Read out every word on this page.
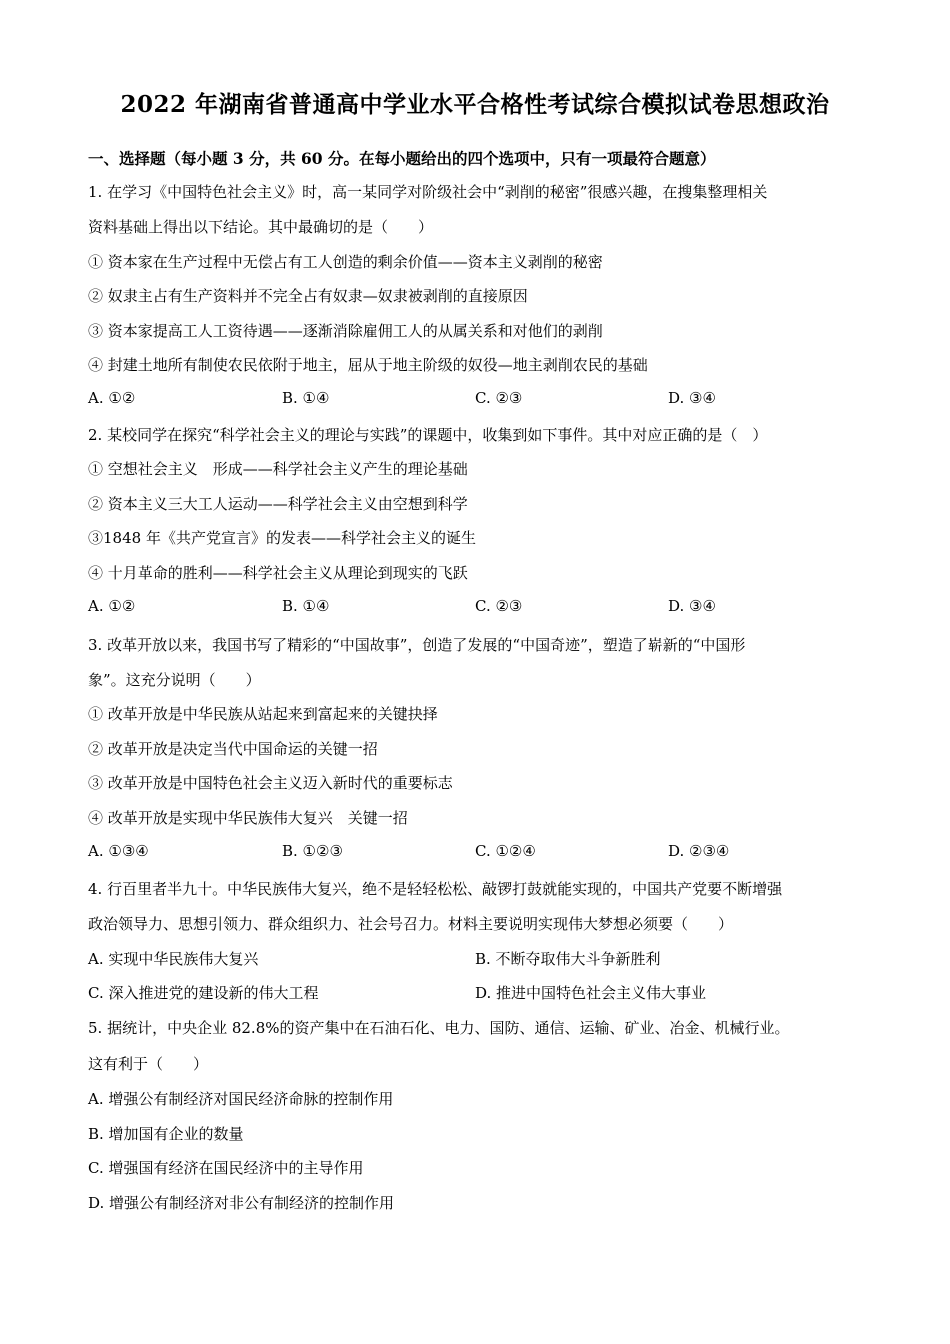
2022 年湖南省普通高中学业水平合格性考试综合模拟试卷思想政治
一、选择题（每小题 3 分，共 60 分。在每小题给出的四个选项中，只有一项最符合题意）
1. 在学习《中国特色社会主义》时，高一某同学对阶级社会中“剥削的秘密”很感兴趣，在搜集整理相关
资料基础上得出以下结论。其中最确切的是（　　）
① 资本家在生产过程中无偿占有工人创造的剩余价值——资本主义剥削的秘密
② 奴隶主占有生产资料并不完全占有奴隶—奴隶被剥削的直接原因
③ 资本家提高工人工资待遇——逐渐消除雇佣工人的从属关系和对他们的剥削
④ 封建土地所有制使农民依附于地主，屈从于地主阶级的奴役—地主剥削农民的基础
A. ①②	B. ①④	C. ②③	D. ③④
2. 某校同学在探究“科学社会主义的理论与实践”的课题中，收集到如下事件。其中对应正确的是（　）
① 空想社会主义　形成——科学社会主义产生的理论基础
② 资本主义三大工人运动——科学社会主义由空想到科学
③1848 年《共产党宣言》的发表——科学社会主义的诞生
④ 十月革命的胜利——科学社会主义从理论到现实的飞跃
A. ①②	B. ①④	C. ②③	D. ③④
3. 改革开放以来，我国书写了精彩的“中国故事”，创造了发展的“中国奇迹”，塑造了崭新的“中国形
象”。这充分说明（　　）
① 改革开放是中华民族从站起来到富起来的关键抉择
② 改革开放是决定当代中国命运的关键一招
③ 改革开放是中国特色社会主义迈入新时代的重要标志
④ 改革开放是实现中华民族伟大复兴　关键一招
A. ①③④	B. ①②③	C. ①②④	D. ②③④
4. 行百里者半九十。中华民族伟大复兴，绝不是轻轻松松、敲锣打鼓就能实现的，中国共产党要不断增强
政治领导力、思想引领力、群众组织力、社会号召力。材料主要说明实现伟大梦想必须要（　　）
A. 实现中华民族伟大复兴	B. 不断夺取伟大斗争新胜利
C. 深入推进党的建设新的伟大工程	D. 推进中国特色社会主义伟大事业
5. 据统计，中央企业 82.8%的资产集中在石油石化、电力、国防、通信、运输、矿业、冶金、机械行业。
这有利于（　　）
A. 增强公有制经济对国民经济命脉的控制作用
B. 增加国有企业的数量
C. 增强国有经济在国民经济中的主导作用
D. 增强公有制经济对非公有制经济的控制作用
